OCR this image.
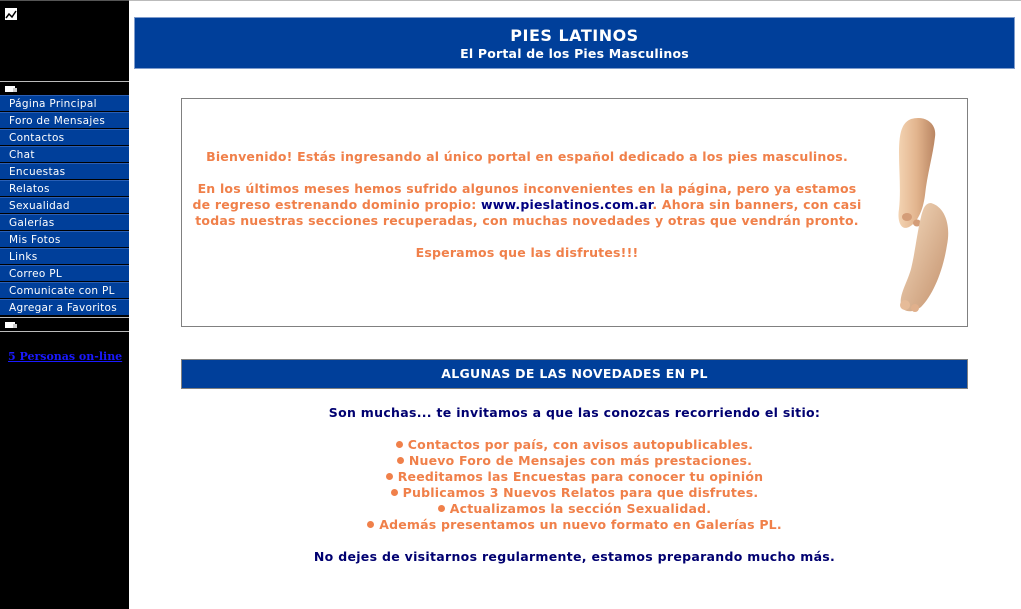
Página Principal
Foro de Mensajes
Contactos
Chat
Encuestas
Relatos
Sexualidad
Galerías
Mis Fotos
Links
Correo PL
Comunicate con PL
Agregar a Favoritos
5 Personas on-line
PIES LATINOS
El Portal de los Pies Masculinos

Bienvenido! Estás ingresando al único portal en español dedicado a los pies masculinos.

En los últimos meses hemos sufrido algunos inconvenientes en la página, pero ya estamos de regreso estrenando dominio propio: www.pieslatinos.com.ar. Ahora sin banners, con casi todas nuestras secciones recuperadas, con muchas novedades y otras que vendrán pronto.

Esperamos que las disfrutes!!!

ALGUNAS DE LAS NOVEDADES EN PL
Son muchas... te invitamos a que las conozcas recorriendo el sitio:
Contactos por país, con avisos autopublicables.
Nuevo Foro de Mensajes con más prestaciones.
Reeditamos las Encuestas para conocer tu opinión
Publicamos 3 Nuevos Relatos para que disfrutes.
Actualizamos la sección Sexualidad.
Además presentamos un nuevo formato en Galerías PL.
No dejes de visitarnos regularmente, estamos preparando mucho más.
